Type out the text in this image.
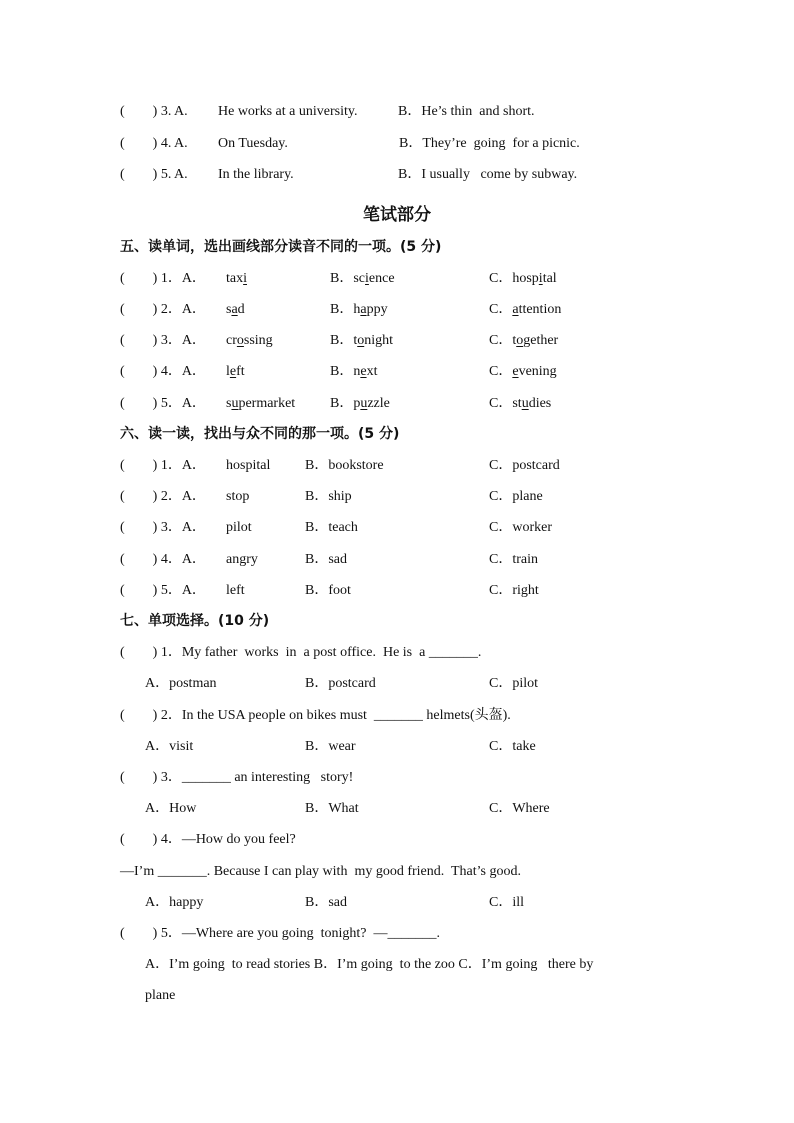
(        ) 3. A. He works at a university.	B．He’s thin  and short.
(        ) 4. A. On Tuesday.	B．They’re  going  for a picnic.
(        ) 5. A. In the library.	B．I usually   come by subway.
笔试部分
五、读单词，选出画线部分读音不同的一项。(5 分)
(        ) 1．A． taxi	B．science	C．hospital
(        ) 2．A． sad	B．happy	C．attention
(        ) 3．A． crossing	B．tonight	C．together
(        ) 4．A． left	B．next	C．evening
(        ) 5．A． supermarket B．puzzle	C．studies
六、读一读，找出与众不同的那一项。(5 分)
(        ) 1．A． hospital B．bookstore	C．postcard
(        ) 2．A． stop	B．ship	C．plane
(        ) 3．A． pilot	B．teach	C．worker
(        ) 4．A． angry	B．sad	C．train
(        ) 5．A． left	B．foot	C．right
七、单项选择。(10 分)
(        ) 1．My father  works  in  a post office.  He is  a _______.
A．postman	B．postcard	C．pilot
(        ) 2．In the USA people on bikes must  _______ helmets(头盔).
A．visit	B．wear	C．take
(        ) 3．_______ an interesting   story!
A．How	B．What	C．Where
(        ) 4．—How do you feel?
—I’m _______. Because I can play with  my good friend.  That’s good.
A．happy	B．sad	C．ill
(        ) 5．—Where are you going  tonight?  —_______.
A．I’m going  to read stories B．I’m going  to the zoo C．I’m going   there by
plane
